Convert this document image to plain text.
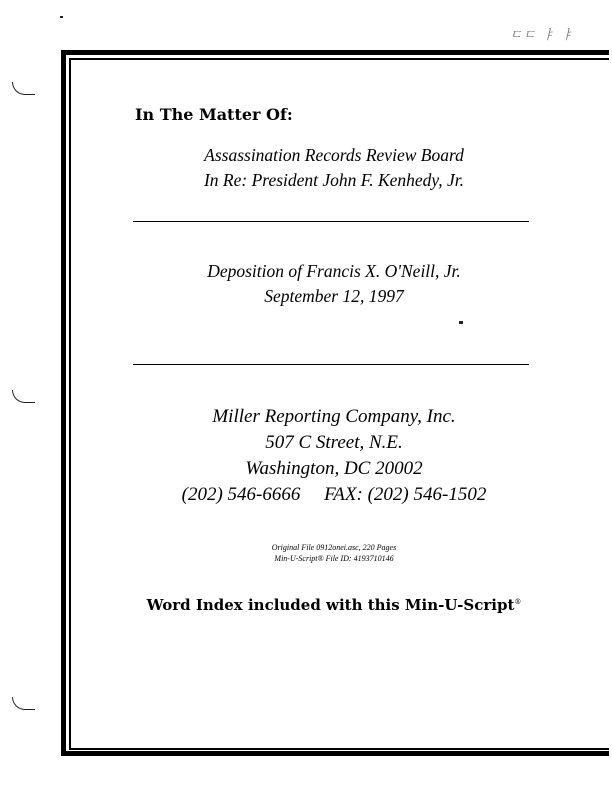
ㄷㄷ ㅑ ㅑ
In The Matter Of:
Assassination Records Review Board
In Re: President John F. Kenhedy, Jr.
Deposition of Francis X. O'Neill, Jr.
September 12, 1997
Miller Reporting Company, Inc.
507 C Street, N.E.
Washington, DC 20002
(202) 546-6666     FAX: (202) 546-1502
Original File 0912onei.asc, 220 Pages
Min-U-Script® File ID: 4193710146
Word Index included with this Min-U-Script®
